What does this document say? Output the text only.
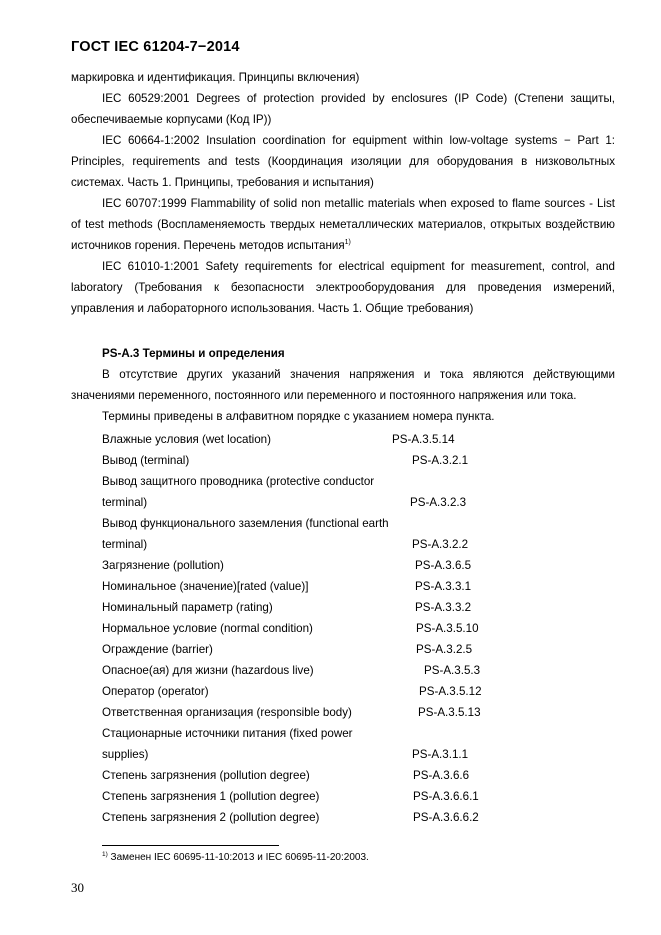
ГОСТ IEC 61204-7−2014

маркировка и идентификация. Принципы включения)

IEC 60529:2001 Degrees of protection provided by enclosures (IP Code) (Степени защиты, обеспечиваемые корпусами (Код IP))

IEC 60664-1:2002 Insulation coordination for equipment within low-voltage systems − Part 1: Principles, requirements and tests (Координация изоляции для оборудования в низковольтных системах. Часть 1. Принципы, требования и испытания)

IEC 60707:1999 Flammability of solid non metallic materials when exposed to flame sources - List of test methods (Воспламеняемость твердых неметаллических материалов, открытых воздействию источников горения. Перечень методов испытания$^{1)}$

IEC 61010-1:2001 Safety requirements for electrical equipment for measurement, control, and laboratory (Требования к безопасности электрооборудования для проведения измерений, управления и лабораторного использования. Часть 1. Общие требования)

PS-A.3 Термины и определения

В отсутствие других указаний значения напряжения и тока являются действующими значениями переменного, постоянного или переменного и постоянного напряжения или тока.

Термины приведены в алфавитном порядке с указанием номера пункта.

Влажные условия (wet location)	PS-A.3.5.14
Вывод (terminal)	PS-A.3.2.1
Вывод защитного проводника (protective conductor terminal)	PS-A.3.2.3
Вывод функционального заземления (functional earth terminal)	PS-A.3.2.2
Загрязнение (pollution)	PS-A.3.6.5
Номинальное (значение)[rated (value)]	PS-A.3.3.1
Номинальный параметр (rating)	PS-A.3.3.2
Нормальное условие (normal condition)	PS-A.3.5.10
Ограждение (barrier)	PS-A.3.2.5
Опасное(ая) для жизни (hazardous live)	PS-A.3.5.3
Оператор (operator)	PS-A.3.5.12
Ответственная организация (responsible body)	PS-A.3.5.13
Стационарные источники питания (fixed power supplies)	PS-A.3.1.1
Степень загрязнения (pollution degree)	PS-A.3.6.6
Степень загрязнения 1 (pollution degree)	PS-A.3.6.6.1
Степень загрязнения 2 (pollution degree)	PS-A.3.6.6.2
$^{1)}$ Заменен IEC 60695-11-10:2013 и IEC 60695-11-20:2003.
30
